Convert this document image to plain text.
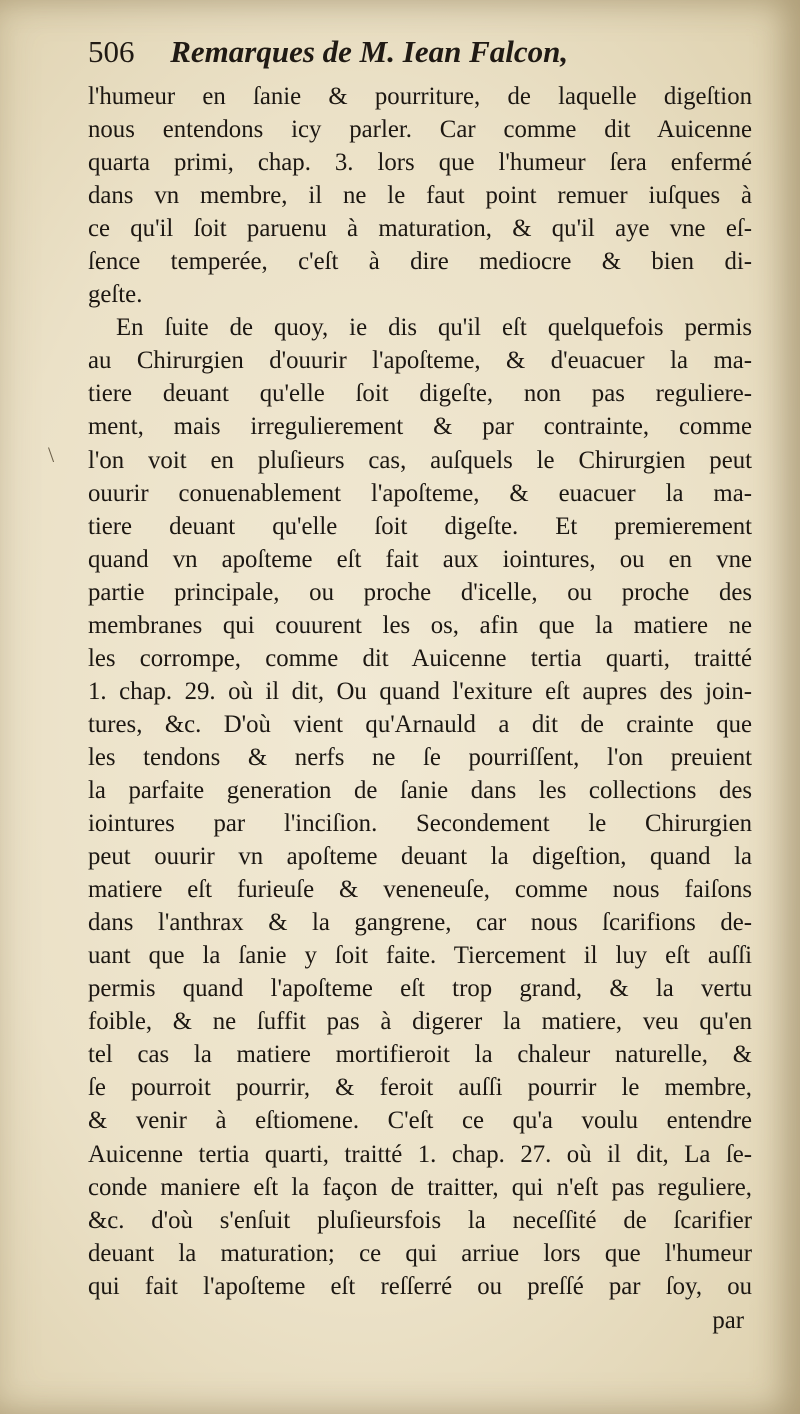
506 Remarques de M. Iean Falcon,
\
l'humeur en ſanie & pourriture, de laquelle digeſtion
nous entendons icy parler. Car comme dit Auicenne
quarta primi, chap. 3. lors que l'humeur ſera enfermé
dans vn membre, il ne le faut point remuer iuſques à
ce qu'il ſoit paruenu à maturation, & qu'il aye vne eſ-
ſence temperée, c'eſt à dire mediocre & bien di-
geſte.
En ſuite de quoy, ie dis qu'il eſt quelquefois permis
au Chirurgien d'ouurir l'apoſteme, & d'euacuer la ma-
tiere deuant qu'elle ſoit digeſte, non pas reguliere-
ment, mais irregulierement & par contrainte, comme
l'on voit en pluſieurs cas, auſquels le Chirurgien peut
ouurir conuenablement l'apoſteme, & euacuer la ma-
tiere deuant qu'elle ſoit digeſte. Et premierement
quand vn apoſteme eſt fait aux iointures, ou en vne
partie principale, ou proche d'icelle, ou proche des
membranes qui couurent les os, afin que la matiere ne
les corrompe, comme dit Auicenne tertia quarti, traitté
1. chap. 29. où il dit, Ou quand l'exiture eſt aupres des join-
tures, &c. D'où vient qu'Arnauld a dit de crainte que
les tendons & nerfs ne ſe pourriſſent, l'on preuient
la parfaite generation de ſanie dans les collections des
iointures par l'inciſion. Secondement le Chirurgien
peut ouurir vn apoſteme deuant la digeſtion, quand la
matiere eſt furieuſe & veneneuſe, comme nous faiſons
dans l'anthrax & la gangrene, car nous ſcarifions de-
uant que la ſanie y ſoit faite. Tiercement il luy eſt auſſi
permis quand l'apoſteme eſt trop grand, & la vertu
foible, & ne ſuffit pas à digerer la matiere, veu qu'en
tel cas la matiere mortifieroit la chaleur naturelle, &
ſe pourroit pourrir, & feroit auſſi pourrir le membre,
& venir à eſtiomene. C'eſt ce qu'a voulu entendre
Auicenne tertia quarti, traitté 1. chap. 27. où il dit, La ſe-
conde maniere eſt la façon de traitter, qui n'eſt pas reguliere,
&c. d'où s'enſuit pluſieursfois la neceſſité de ſcarifier
deuant la maturation; ce qui arriue lors que l'humeur
qui fait l'apoſteme eſt reſſerré ou preſſé par ſoy, ou
par
